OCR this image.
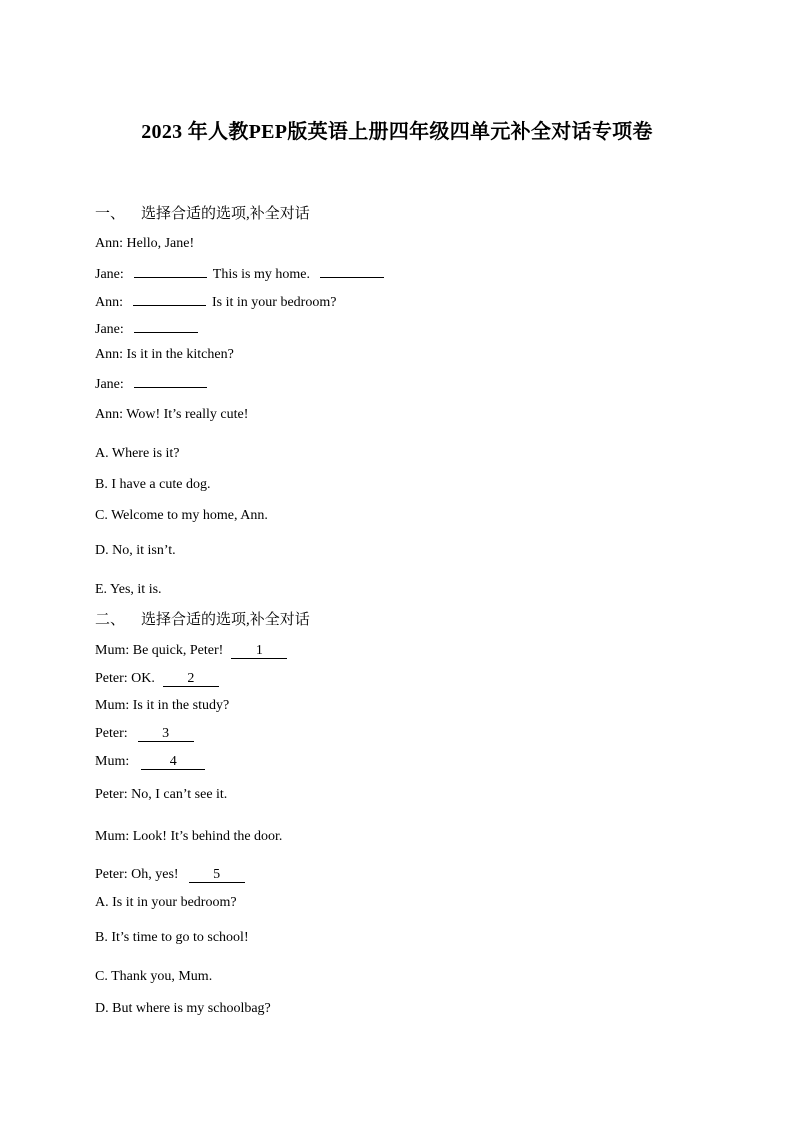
2023 年人教PEP版英语上册四年级四单元补全对话专项卷
一、 选择合适的选项,补全对话
Ann: Hello, Jane!
Jane:	This is my home.
Ann:	Is it in your bedroom?
Jane:
Ann: Is it in the kitchen?
Jane:
Ann: Wow! It’s really cute!
A. Where is it?
B. I have a cute dog.
C. Welcome to my home, Ann.
D. No, it isn’t.
E. Yes, it is.
二、 选择合适的选项,补全对话
Mum: Be quick, Peter! 1
Peter: OK. 2
Mum: Is it in the study?
Peter: 3
Mum:	4
Peter: No, I can’t see it.
Mum: Look! It’s behind the door.
Peter: Oh, yes! 5
A. Is it in your bedroom?
B. It’s time to go to school!
C. Thank you, Mum.
D. But where is my schoolbag?
